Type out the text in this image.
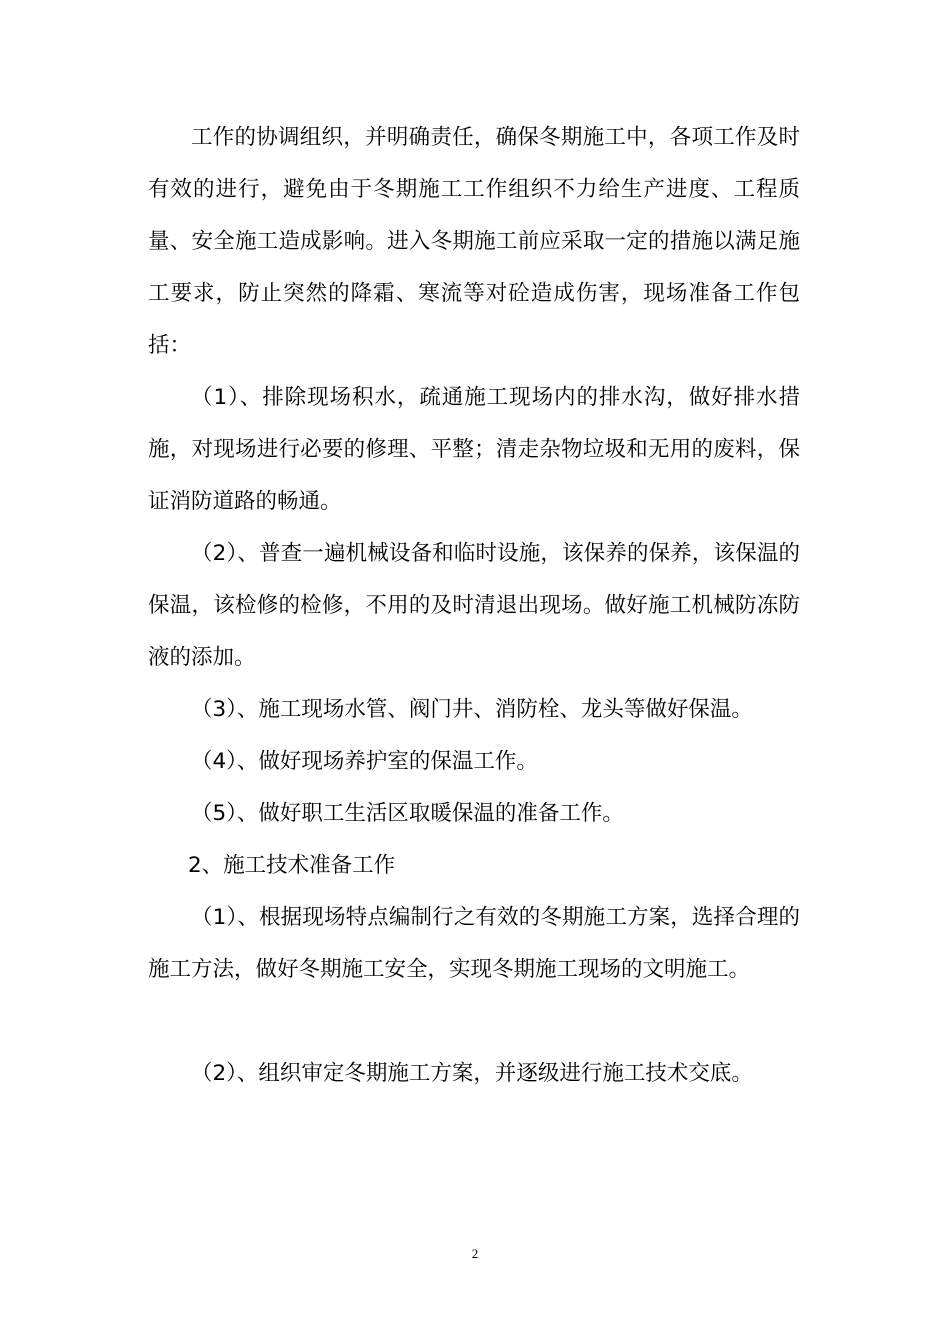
工作的协调组织，并明确责任，确保冬期施工中，各项工作及时有效的进行，避免由于冬期施工工作组织不力给生产进度、工程质量、安全施工造成影响。进入冬期施工前应采取一定的措施以满足施工要求，防止突然的降霜、寒流等对砼造成伤害，现场准备工作包括：

（1）、排除现场积水，疏通施工现场内的排水沟，做好排水措施，对现场进行必要的修理、平整；清走杂物垃圾和无用的废料，保证消防道路的畅通。

（2）、普查一遍机械设备和临时设施，该保养的保养，该保温的保温，该检修的检修，不用的及时清退出现场。做好施工机械防冻防液的添加。

（3）、施工现场水管、阀门井、消防栓、龙头等做好保温。

（4）、做好现场养护室的保温工作。

（5）、做好职工生活区取暖保温的准备工作。

2、施工技术准备工作

（1）、根据现场特点编制行之有效的冬期施工方案，选择合理的施工方法，做好冬期施工安全，实现冬期施工现场的文明施工。

（2）、组织审定冬期施工方案，并逐级进行施工技术交底。

2
